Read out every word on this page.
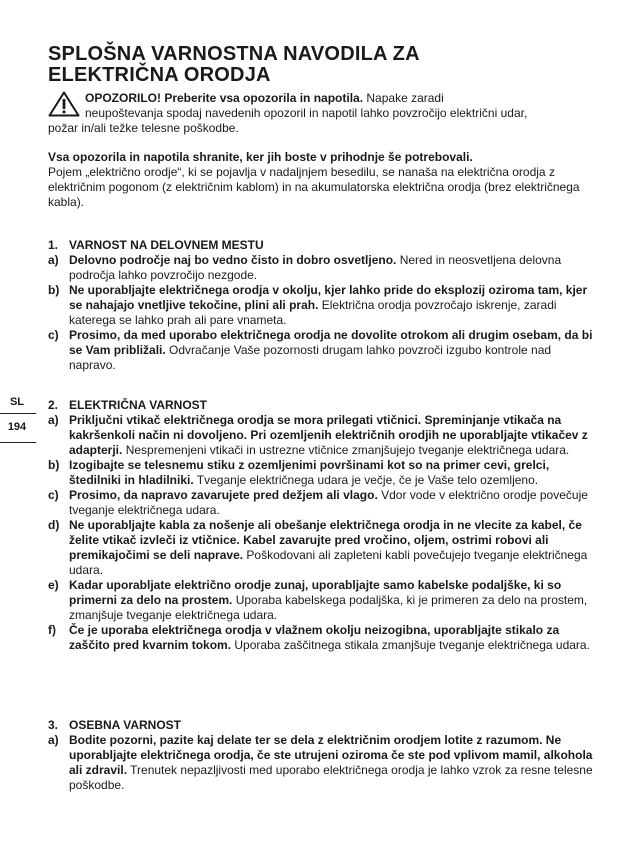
SL
194
SPLOŠNA VARNOSTNA NAVODILA ZA
ELEKTRIČNA ORODJA
OPOZORILO! Preberite vsa opozorila in napotila. Napake zaradi
neupoštevanja spodaj navedenih opozoril in napotil lahko povzročijo električni udar,
požar in/ali težke telesne poškodbe.
Vsa opozorila in napotila shranite, ker jih boste v prihodnje še potrebovali.
Pojem „električno orodje“, ki se pojavlja v nadaljnjem besedilu, se nanaša na električna orodja z električnim pogonom (z električnim kablom) in na akumulatorska električna orodja (brez električnega kabla).

1. VARNOST NA DELOVNEM MESTU

a) Delovno področje naj bo vedno čisto in dobro osvetljeno. Nered in neosvetljena delovna področja lahko povzročijo nezgode.
b) Ne uporabljajte električnega orodja v okolju, kjer lahko pride do eksplozij oziroma tam, kjer se nahajajo vnetljive tekočine, plini ali prah. Električna orodja povzročajo iskrenje, zaradi katerega se lahko prah ali pare vnameta.
c) Prosimo, da med uporabo električnega orodja ne dovolite otrokom ali drugim osebam, da bi se Vam približali. Odvračanje Vaše pozornosti drugam lahko povzroči izgubo kontrole nad napravo.

2. ELEKTRIČNA VARNOST

a) Priključni vtikač električnega orodja se mora prilegati vtičnici. Spreminjanje vtikača na kakršenkoli način ni dovoljeno. Pri ozemljenih električnih orodjih ne uporabljajte vtikačev z adapterji. Nespremenjeni vtikači in ustrezne vtičnice zmanjšujejo tveganje električnega udara.
b) Izogibajte se telesnemu stiku z ozemljenimi površinami kot so na primer cevi, grelci, štedilniki in hladilniki. Tveganje električnega udara je večje, če je Vaše telo ozemljeno.
c) Prosimo, da napravo zavarujete pred dežjem ali vlago. Vdor vode v električno orodje povečuje tveganje električnega udara.
d) Ne uporabljajte kabla za nošenje ali obešanje električnega orodja in ne vlecite za kabel, če želite vtikač izvleči iz vtičnice. Kabel zavarujte pred vročino, oljem, ostrimi robovi ali premikajočimi se deli naprave. Poškodovani ali zapleteni kabli povečujejo tveganje električnega udara.
e) Kadar uporabljate električno orodje zunaj, uporabljajte samo kabelske podaljške, ki so primerni za delo na prostem. Uporaba kabelskega podaljška, ki je primeren za delo na prostem, zmanjšuje tveganje električnega udara.
f) Če je uporaba električnega orodja v vlažnem okolju neizogibna, uporabljajte stikalo za zaščito pred kvarnim tokom. Uporaba zaščitnega stikala zmanjšuje tveganje električnega udara.

3. OSEBNA VARNOST

a) Bodite pozorni, pazite kaj delate ter se dela z električnim orodjem lotite z razumom. Ne uporabljajte električnega orodja, če ste utrujeni oziroma če ste pod vplivom mamil, alkohola ali zdravil. Trenutek nepazljivosti med uporabo električnega orodja je lahko vzrok za resne telesne poškodbe.
